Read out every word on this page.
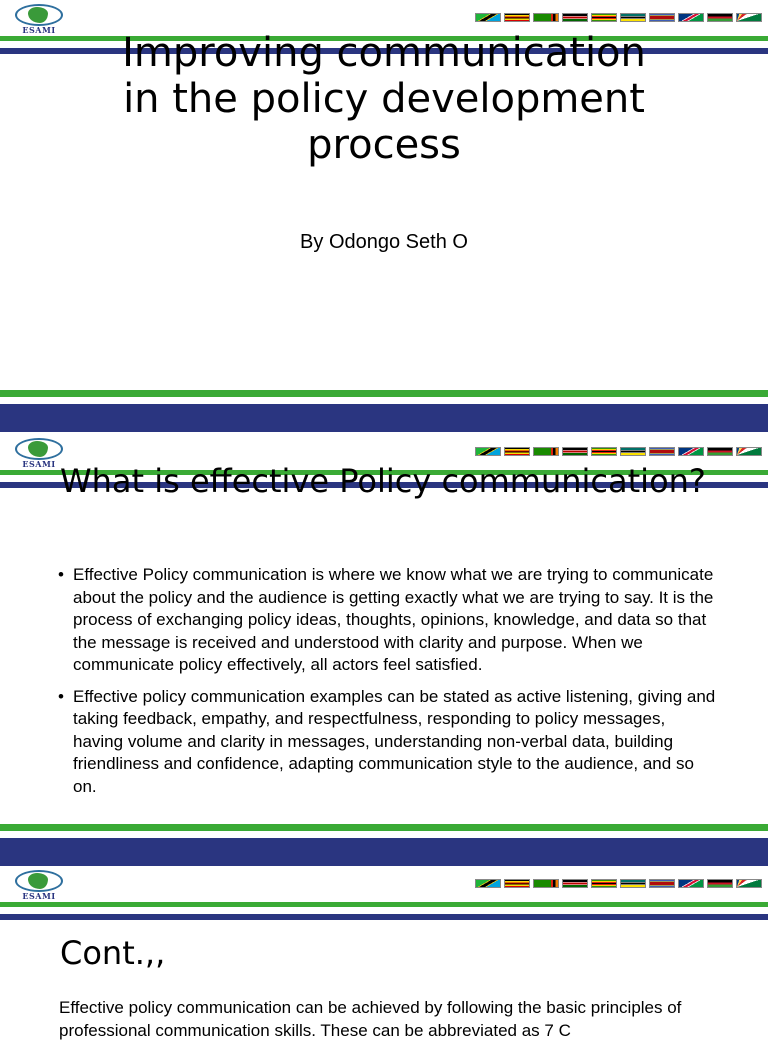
ESAMI	Improving communication in the policy development process

By Odongo Seth O

ESAMI What is effective Policy communication?
• Effective Policy communication is where we know what we are trying to communicate about the policy and the audience is getting exactly what we are trying to say. It is the process of exchanging policy ideas, thoughts, opinions, knowledge, and data so that the message is received and understood with clarity and purpose. When we communicate policy effectively, all actors feel satisfied.
• Effective policy communication examples can be stated as active listening, giving and taking feedback, empathy, and respectfulness, responding to policy messages, having volume and clarity in messages, understanding non-verbal data, building friendliness and confidence, adapting communication style to the audience, and so on.
ESAMI
Cont.,,

Effective policy communication can be achieved by following the basic principles of professional communication skills. These can be abbreviated as 7 C
